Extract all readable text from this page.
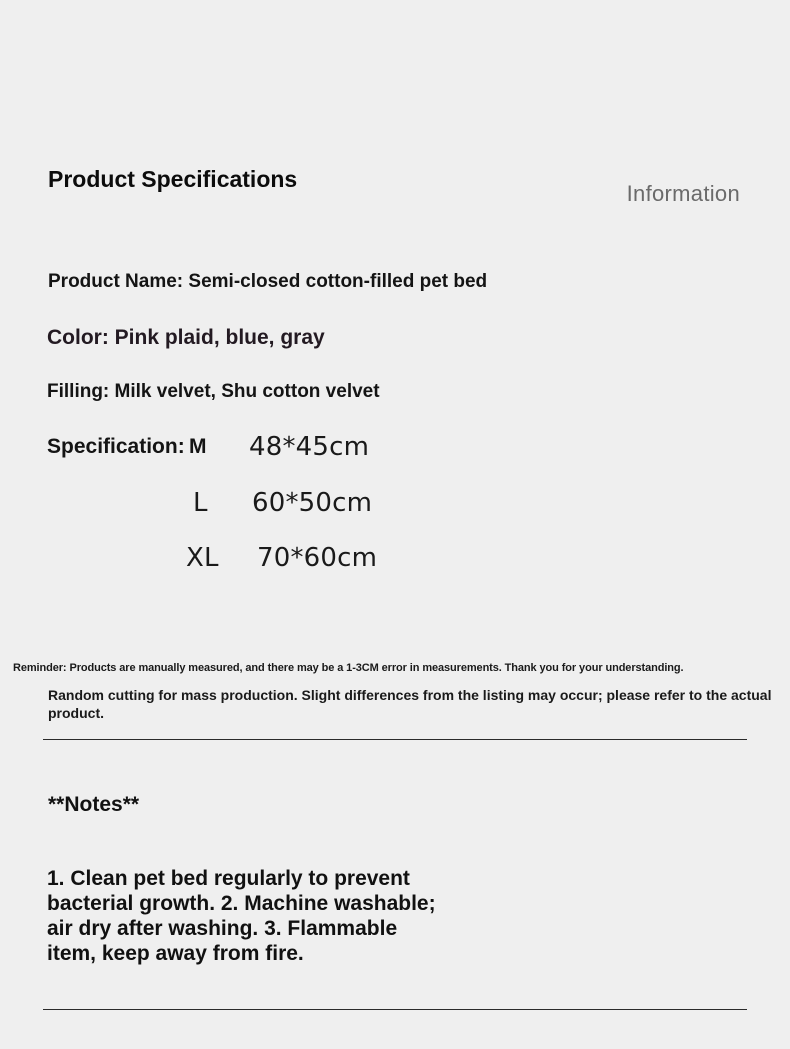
Product Specifications
Information
Product Name: Semi-closed cotton-filled pet bed
Color: Pink plaid, blue, gray
Filling: Milk velvet, Shu cotton velvet
Specification: M 48*45cm
L 60*50cm
XL 70*60cm
Reminder: Products are manually measured, and there may be a 1-3CM error in measurements. Thank you for your understanding.
Random cutting for mass production. Slight differences from the listing may occur; please refer to the actual product.
**Notes**
1. Clean pet bed regularly to prevent bacterial growth. 2. Machine washable; air dry after washing. 3. Flammable item, keep away from fire.
